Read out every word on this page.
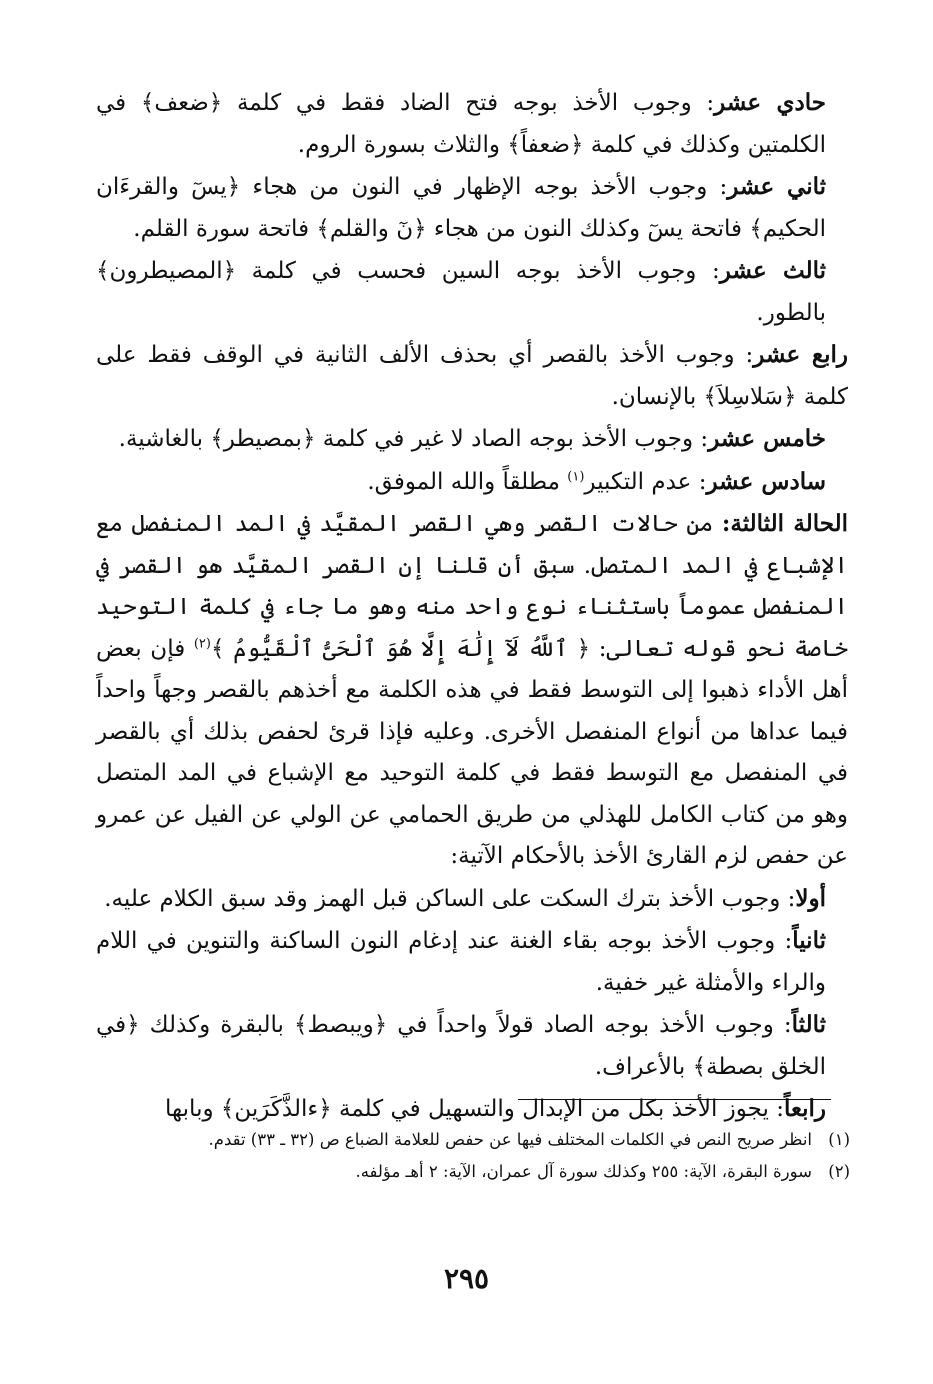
حادي عشر: وجوب الأخذ بوجه فتح الضاد فقط في كلمة ﴿ضعف﴾ في الكلمتين وكذلك في كلمة ﴿ضعفاً﴾ والثلاث بسورة الروم.

ثاني عشر: وجوب الأخذ بوجه الإظهار في النون من هجاء ﴿يسٓ والقرءَان الحكيم﴾ فاتحة يسٓ وكذلك النون من هجاء ﴿نٓ والقلم﴾ فاتحة سورة القلم.

ثالث عشر: وجوب الأخذ بوجه السين فحسب في كلمة ﴿المصيطرون﴾ بالطور.

رابع عشر: وجوب الأخذ بالقصر أي بحذف الألف الثانية في الوقف فقط على كلمة ﴿سَلاسِلاَ﴾ بالإنسان.

خامس عشر: وجوب الأخذ بوجه الصاد لا غير في كلمة ﴿بمصيطر﴾ بالغاشية.

سادس عشر: عدم التكبير$^{(١)}$ مطلقاً والله الموفق.

الحالة الثالثة: من حالات القصر وهي القصر المقيَّد في المد المنفصل مع الإشباع في المد المتصل. سبق أن قلنا إن القصر المقيَّد هو القصر في المنفصل عموماً باستثناء نوع واحد منه وهو ما جاء في كلمة التوحيد خاصة نحو قوله تعالى: ﴿ ٱللَّهُ لَآ إِلَٰهَ إِلَّا هُوَ ٱلْحَىُّ ٱلْقَيُّومُ ﴾$^{(٢)}$ فإن بعض أهل الأداء ذهبوا إلى التوسط فقط في هذه الكلمة مع أخذهم بالقصر وجهاً واحداً فيما عداها من أنواع المنفصل الأخرى. وعليه فإذا قرئ لحفص بذلك أي بالقصر في المنفصل مع التوسط فقط في كلمة التوحيد مع الإشباع في المد المتصل وهو من كتاب الكامل للهذلي من طريق الحمامي عن الولي عن الفيل عن عمرو عن حفص لزم القارئ الأخذ بالأحكام الآتية:

أولا: وجوب الأخذ بترك السكت على الساكن قبل الهمز وقد سبق الكلام عليه.

ثانياً: وجوب الأخذ بوجه بقاء الغنة عند إدغام النون الساكنة والتنوين في اللام والراء والأمثلة غير خفية.

ثالثاً: وجوب الأخذ بوجه الصاد قولاً واحداً في ﴿ويبصط﴾ بالبقرة وكذلك ﴿في الخلق بصطة﴾ بالأعراف.

رابعاً: يجوز الأخذ بكل من الإبدال والتسهيل في كلمة ﴿ءالذَّكَرَين﴾ وبابها

(١)انظر صريح النص في الكلمات المختلف فيها عن حفص للعلامة الضباع ص (٣٢ ـ ٣٣) تقدم.

(٢)سورة البقرة، الآية: ٢٥٥ وكذلك سورة آل عمران، الآية: ٢ أهـ مؤلفه.

٢٩٥
